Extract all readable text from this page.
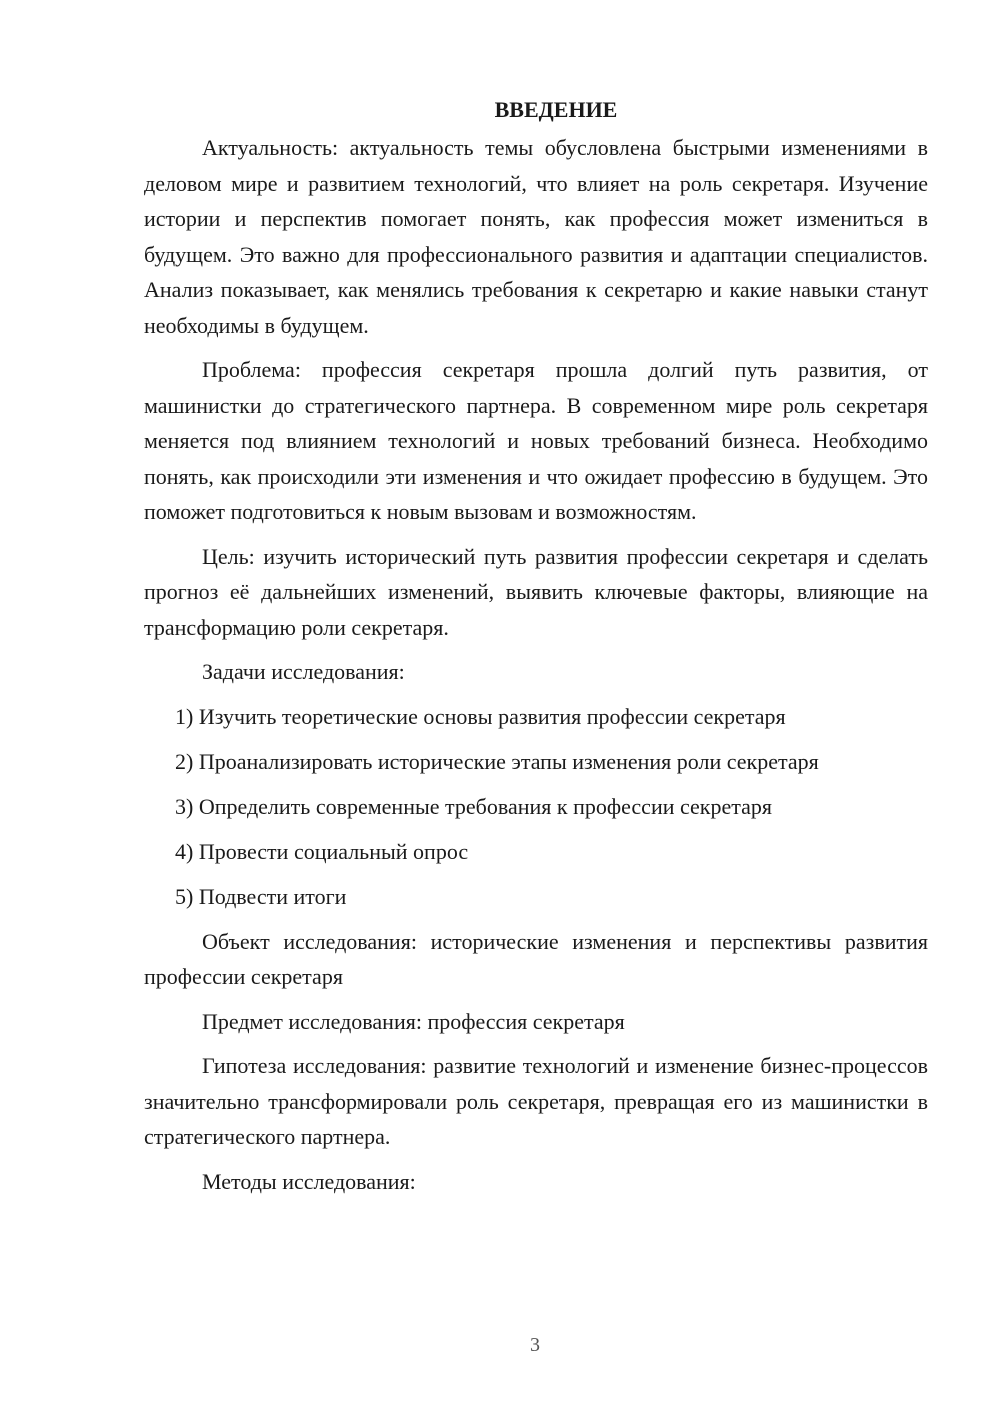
ВВЕДЕНИЕ

Актуальность: актуальность темы обусловлена быстрыми изменениями в деловом мире и развитием технологий, что влияет на роль секретаря. Изучение истории и перспектив помогает понять, как профессия может измениться в будущем. Это важно для профессионального развития и адаптации специалистов. Анализ показывает, как менялись требования к секретарю и какие навыки станут необходимы в будущем.

Проблема: профессия секретаря прошла долгий путь развития, от машинистки до стратегического партнера. В современном мире роль секретаря меняется под влиянием технологий и новых требований бизнеса. Необходимо понять, как происходили эти изменения и что ожидает профессию в будущем. Это поможет подготовиться к новым вызовам и возможностям.

Цель: изучить исторический путь развития профессии секретаря и сделать прогноз её дальнейших изменений, выявить ключевые факторы, влияющие на трансформацию роли секретаря.

Задачи исследования:

1) Изучить теоретические основы развития профессии секретаря
2) Проанализировать исторические этапы изменения роли секретаря
3) Определить современные требования к профессии секретаря
4) Провести социальный опрос
5) Подвести итоги

Объект исследования: исторические изменения и перспективы развития профессии секретаря

Предмет исследования: профессия секретаря

Гипотеза исследования: развитие технологий и изменение бизнес-процессов значительно трансформировали роль секретаря, превращая его из машинистки в стратегического партнера.

Методы исследования:

3
